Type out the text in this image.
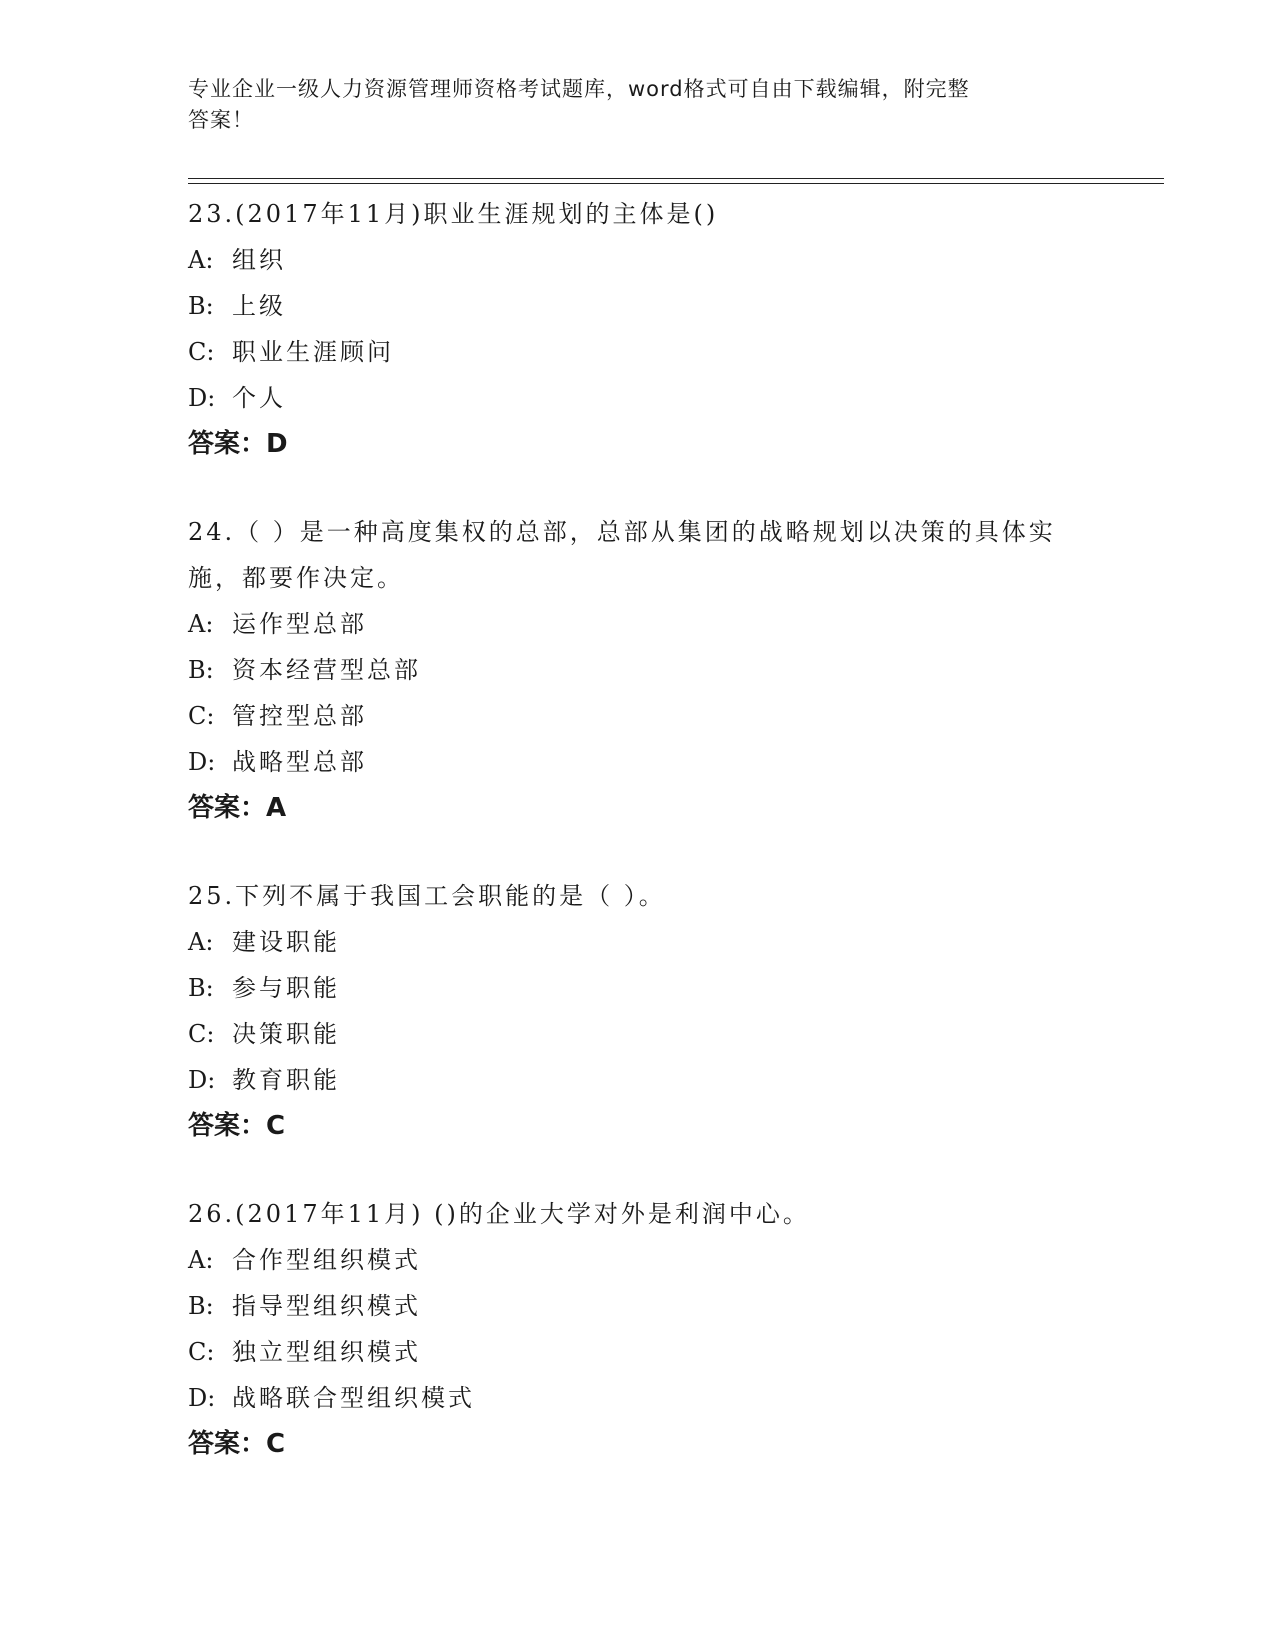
专业企业一级人力资源管理师资格考试题库，word格式可自由下载编辑，附完整
答案！
23.(2017年11月)职业生涯规划的主体是()
A: 组织
B: 上级
C: 职业生涯顾问
D: 个人
答案：D
24.（ ）是一种高度集权的总部，总部从集团的战略规划以决策的具体实施，都要作决定。
A: 运作型总部
B: 资本经营型总部
C: 管控型总部
D: 战略型总部
答案：A
25.下列不属于我国工会职能的是（ ）。
A: 建设职能
B: 参与职能
C: 决策职能
D: 教育职能
答案：C
26.(2017年11月) ()的企业大学对外是利润中心。
A: 合作型组织模式
B: 指导型组织模式
C: 独立型组织模式
D: 战略联合型组织模式
答案：C
